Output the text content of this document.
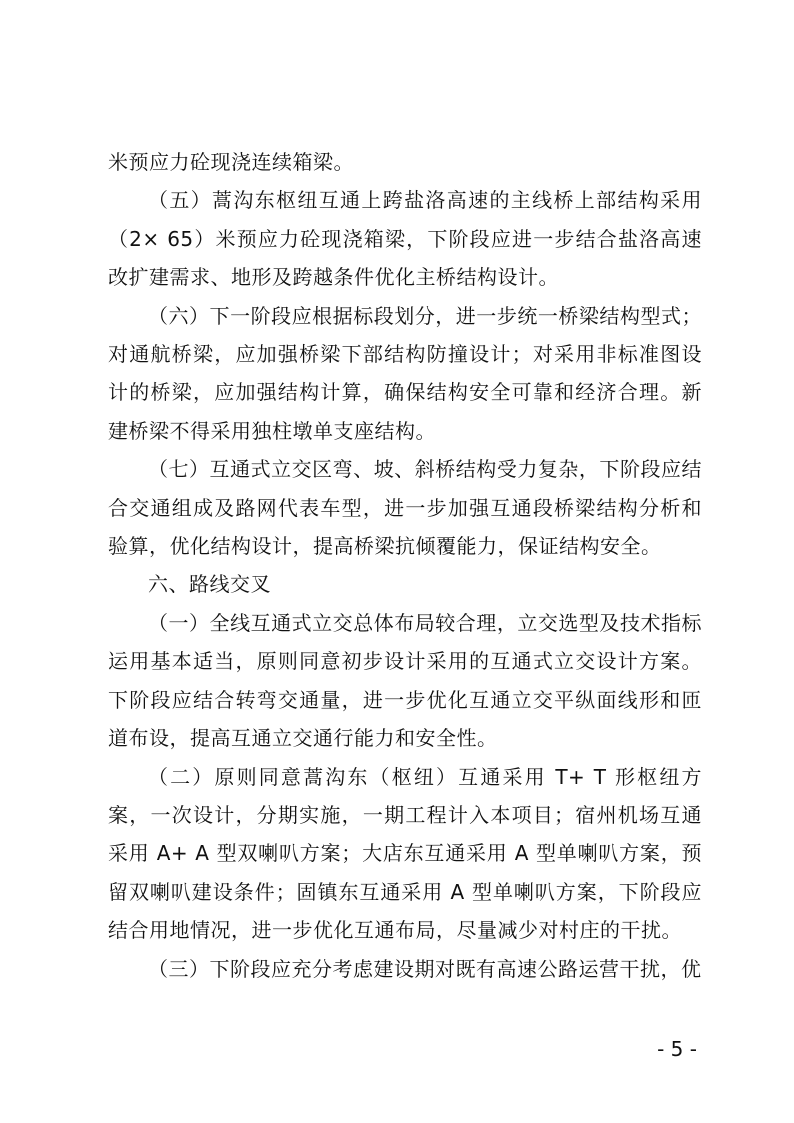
米预应力砼现浇连续箱梁。

（五）蒿沟东枢纽互通上跨盐洛高速的主线桥上部结构采用（2× 65）米预应力砼现浇箱梁，下阶段应进一步结合盐洛高速改扩建需求、地形及跨越条件优化主桥结构设计。

（六）下一阶段应根据标段划分，进一步统一桥梁结构型式；对通航桥梁，应加强桥梁下部结构防撞设计；对采用非标准图设计的桥梁，应加强结构计算，确保结构安全可靠和经济合理。新建桥梁不得采用独柱墩单支座结构。

（七）互通式立交区弯、坡、斜桥结构受力复杂，下阶段应结合交通组成及路网代表车型，进一步加强互通段桥梁结构分析和验算，优化结构设计，提高桥梁抗倾覆能力，保证结构安全。

六、路线交叉

（一）全线互通式立交总体布局较合理，立交选型及技术指标运用基本适当，原则同意初步设计采用的互通式立交设计方案。下阶段应结合转弯交通量，进一步优化互通立交平纵面线形和匝道布设，提高互通立交通行能力和安全性。

（二）原则同意蒿沟东（枢纽）互通采用 T+ T 形枢纽方案，一次设计，分期实施，一期工程计入本项目；宿州机场互通采用 A+ A 型双喇叭方案；大店东互通采用 A 型单喇叭方案，预留双喇叭建设条件；固镇东互通采用 A 型单喇叭方案，下阶段应结合用地情况，进一步优化互通布局，尽量减少对村庄的干扰。

（三）下阶段应充分考虑建设期对既有高速公路运营干扰，优

- 5 -
